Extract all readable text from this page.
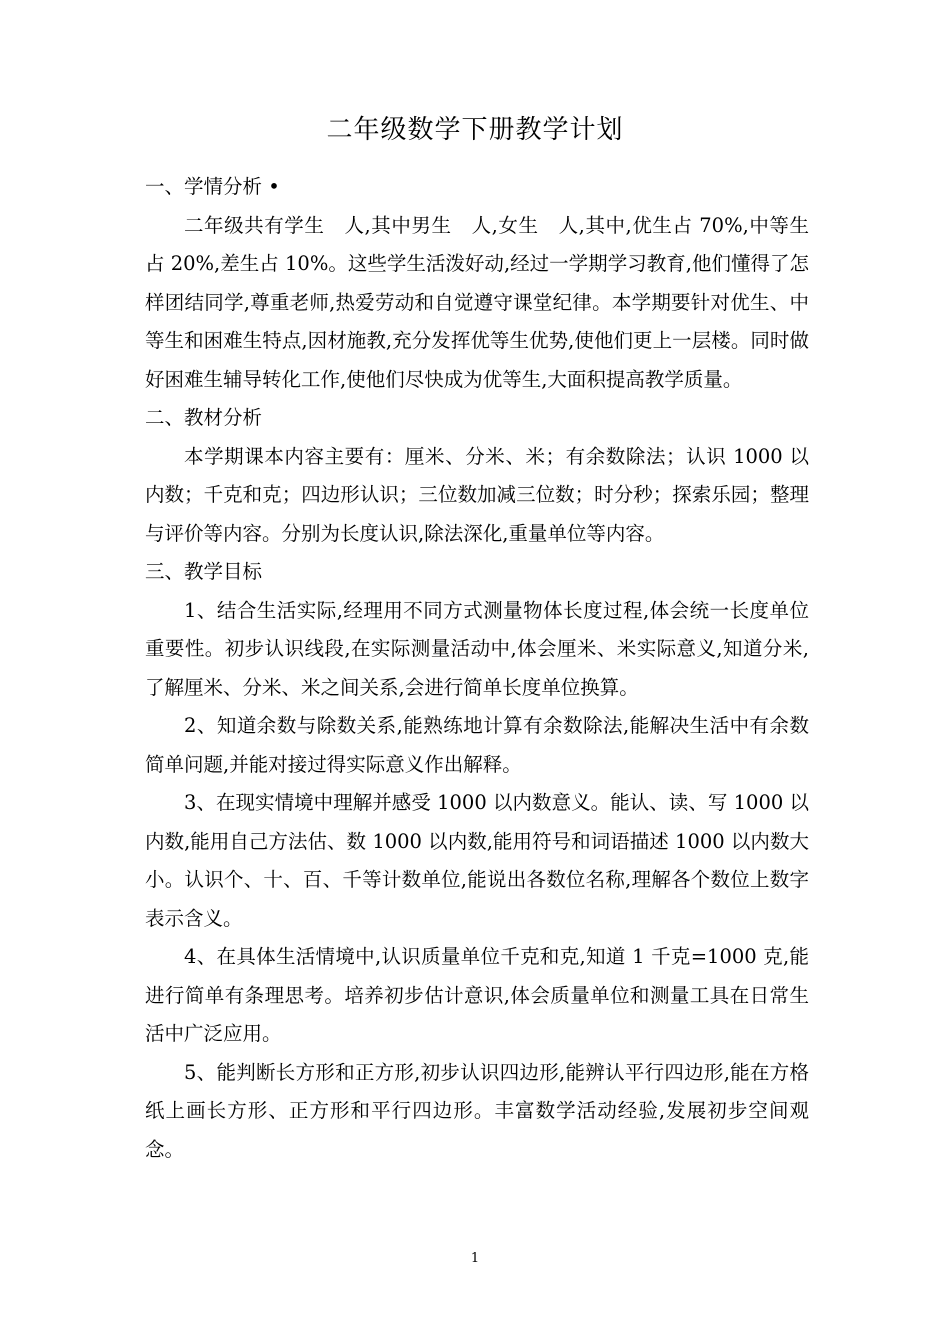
二年级数学下册教学计划

一、学情分析 •

二年级共有学生　人,其中男生　人,女生　人,其中,优生占 70%,中等生占 20%,差生占 10%。这些学生活泼好动,经过一学期学习教育,他们懂得了怎样团结同学,尊重老师,热爱劳动和自觉遵守课堂纪律。本学期要针对优生、中等生和困难生特点,因材施教,充分发挥优等生优势,使他们更上一层楼。同时做好困难生辅导转化工作,使他们尽快成为优等生,大面积提高教学质量。

二、教材分析

本学期课本内容主要有：厘米、分米、米；有余数除法；认识 1000 以内数；千克和克；四边形认识；三位数加减三位数；时分秒；探索乐园；整理与评价等内容。分别为长度认识,除法深化,重量单位等内容。

三、教学目标

1、结合生活实际,经理用不同方式测量物体长度过程,体会统一长度单位重要性。初步认识线段,在实际测量活动中,体会厘米、米实际意义,知道分米,了解厘米、分米、米之间关系,会进行简单长度单位换算。

2、知道余数与除数关系,能熟练地计算有余数除法,能解决生活中有余数简单问题,并能对接过得实际意义作出解释。

3、在现实情境中理解并感受 1000 以内数意义。能认、读、写 1000 以内数,能用自己方法估、数 1000 以内数,能用符号和词语描述 1000 以内数大小。认识个、十、百、千等计数单位,能说出各数位名称,理解各个数位上数字表示含义。

4、在具体生活情境中,认识质量单位千克和克,知道 1 千克=1000 克,能进行简单有条理思考。培养初步估计意识,体会质量单位和测量工具在日常生活中广泛应用。

5、能判断长方形和正方形,初步认识四边形,能辨认平行四边形,能在方格纸上画长方形、正方形和平行四边形。丰富数学活动经验,发展初步空间观念。

1
